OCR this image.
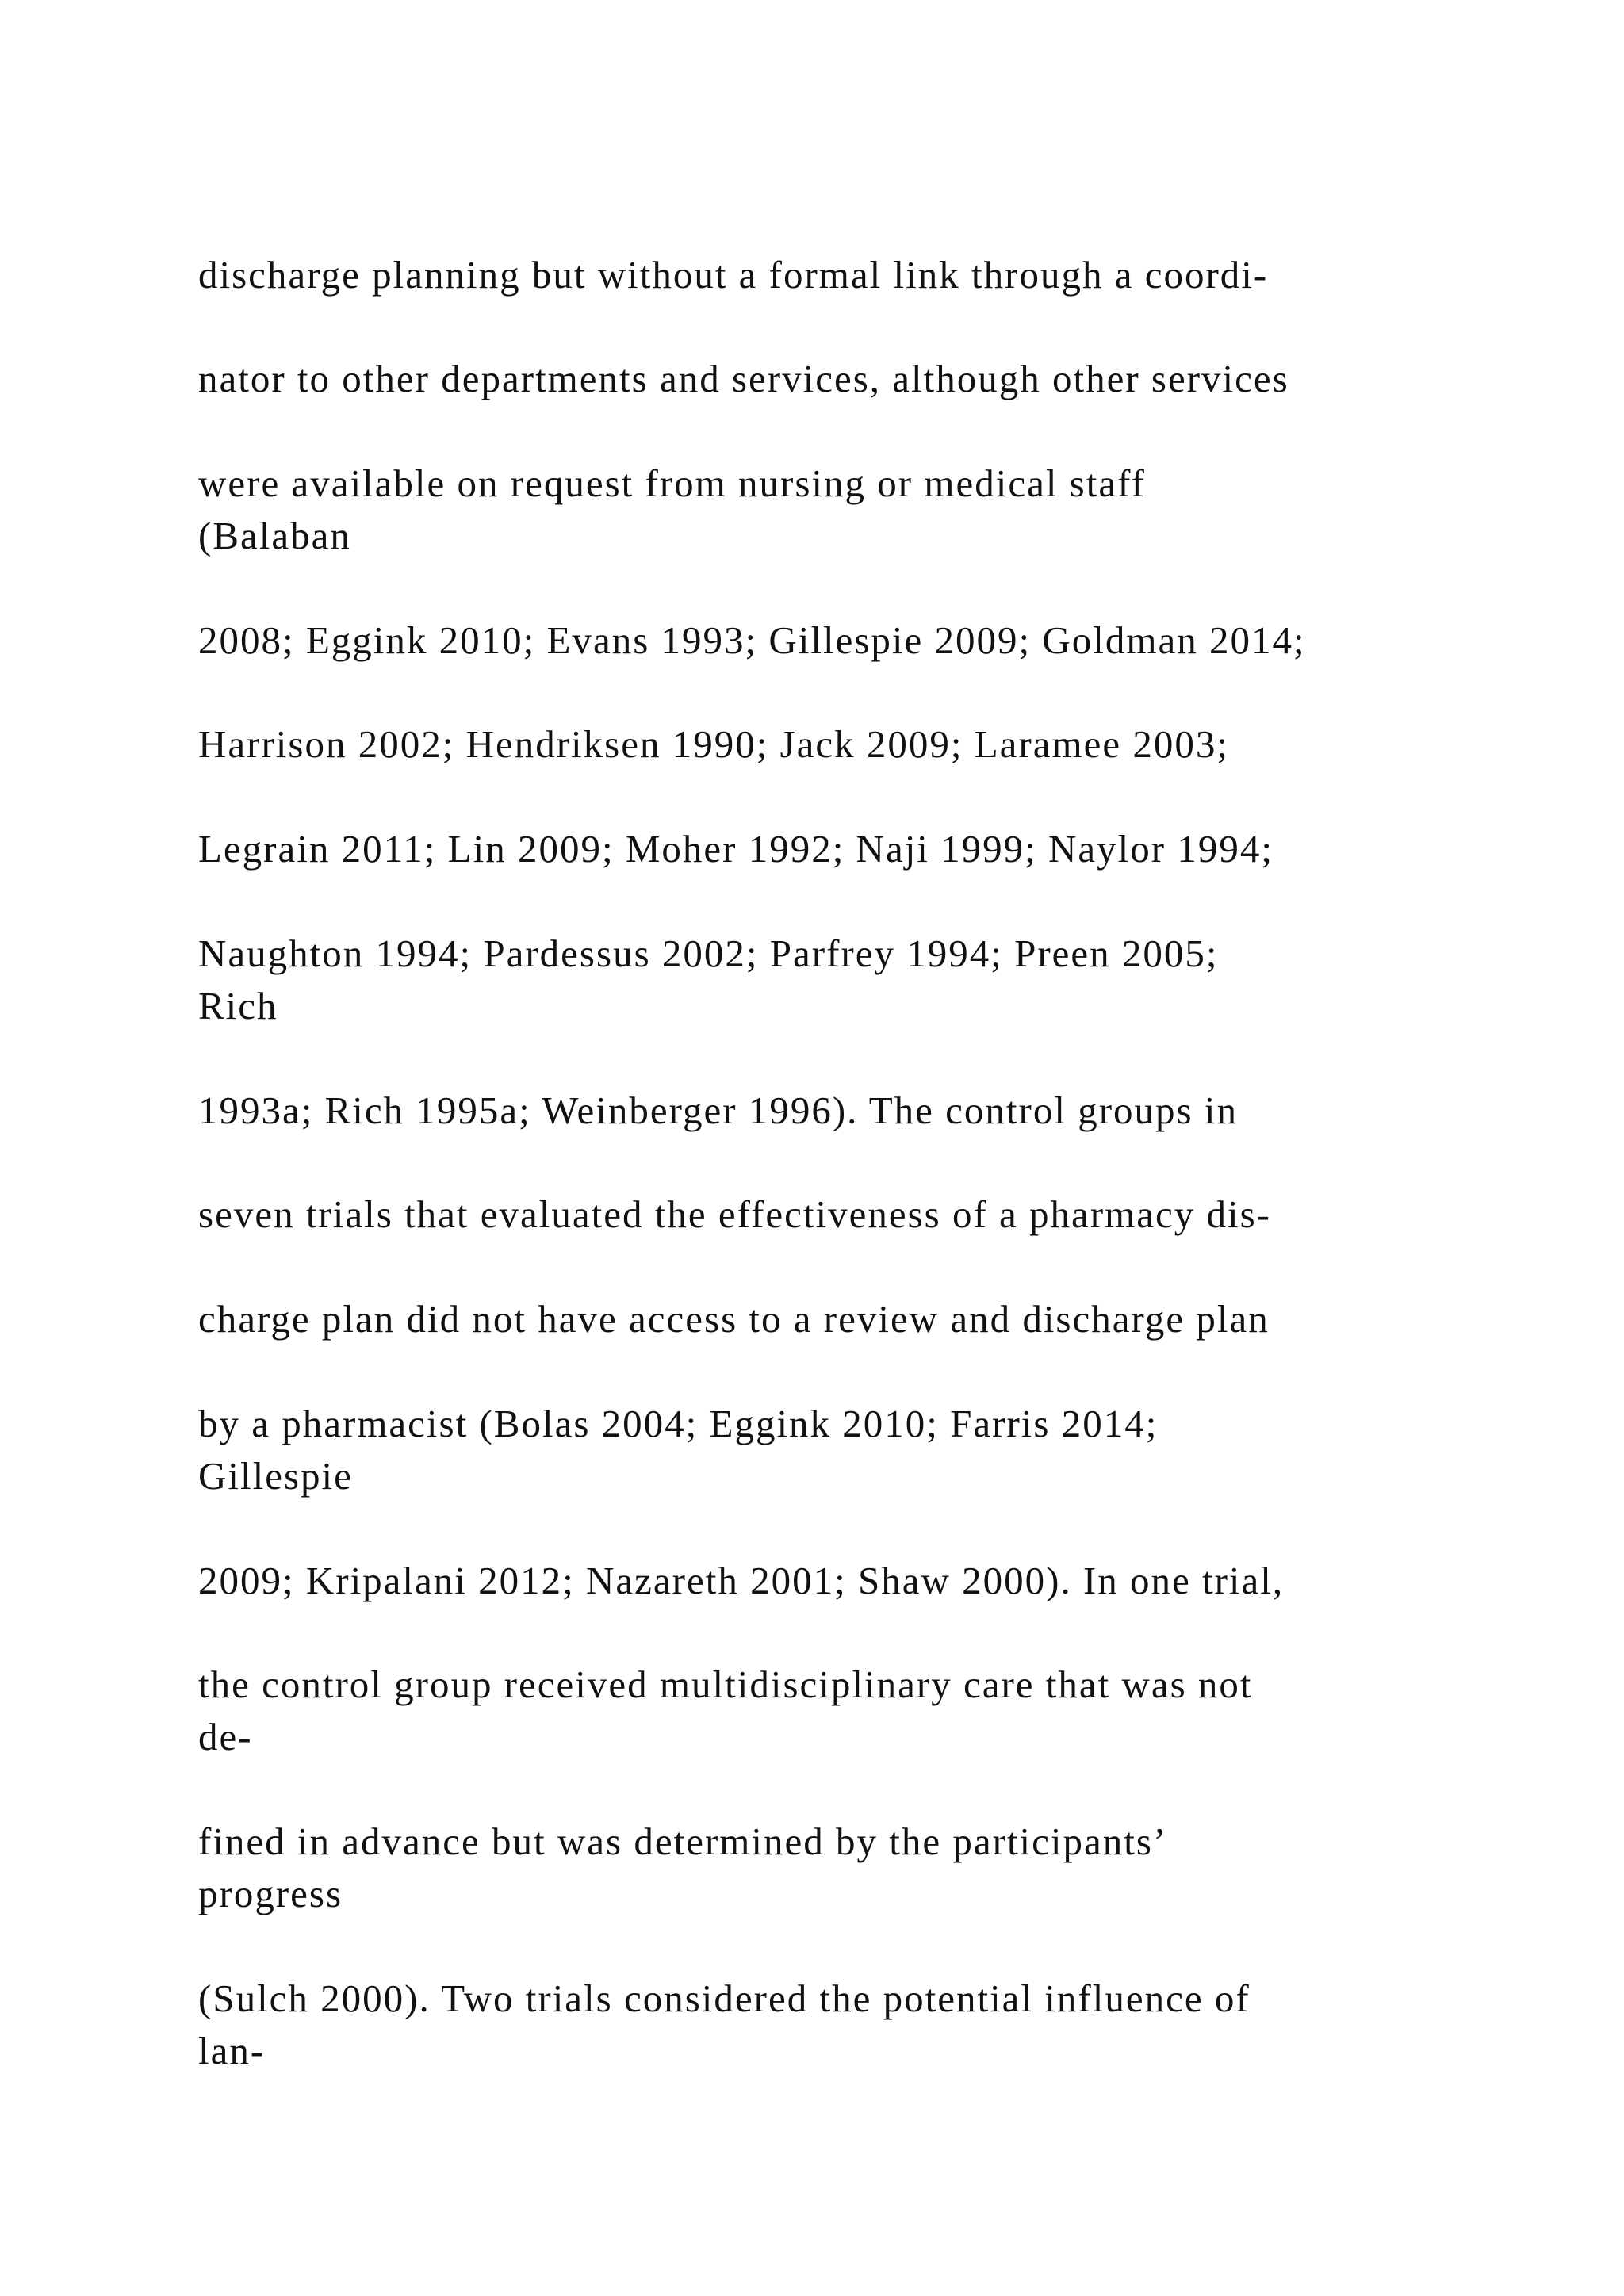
discharge planning but without a formal link through a coordi-
nator to other departments and services, although other services
were available on request from nursing or medical staff
(Balaban
2008; Eggink 2010; Evans 1993; Gillespie 2009; Goldman 2014;
Harrison 2002; Hendriksen 1990; Jack 2009; Laramee 2003;
Legrain 2011; Lin 2009; Moher 1992; Naji 1999; Naylor 1994;
Naughton 1994; Pardessus 2002; Parfrey 1994; Preen 2005;
Rich
1993a; Rich 1995a; Weinberger 1996). The control groups in
seven trials that evaluated the effectiveness of a pharmacy dis-
charge plan did not have access to a review and discharge plan
by a pharmacist (Bolas 2004; Eggink 2010; Farris 2014;
Gillespie
2009; Kripalani 2012; Nazareth 2001; Shaw 2000). In one trial,
the control group received multidisciplinary care that was not
de-
fined in advance but was determined by the participants’
progress
(Sulch 2000). Two trials considered the potential influence of
lan-
